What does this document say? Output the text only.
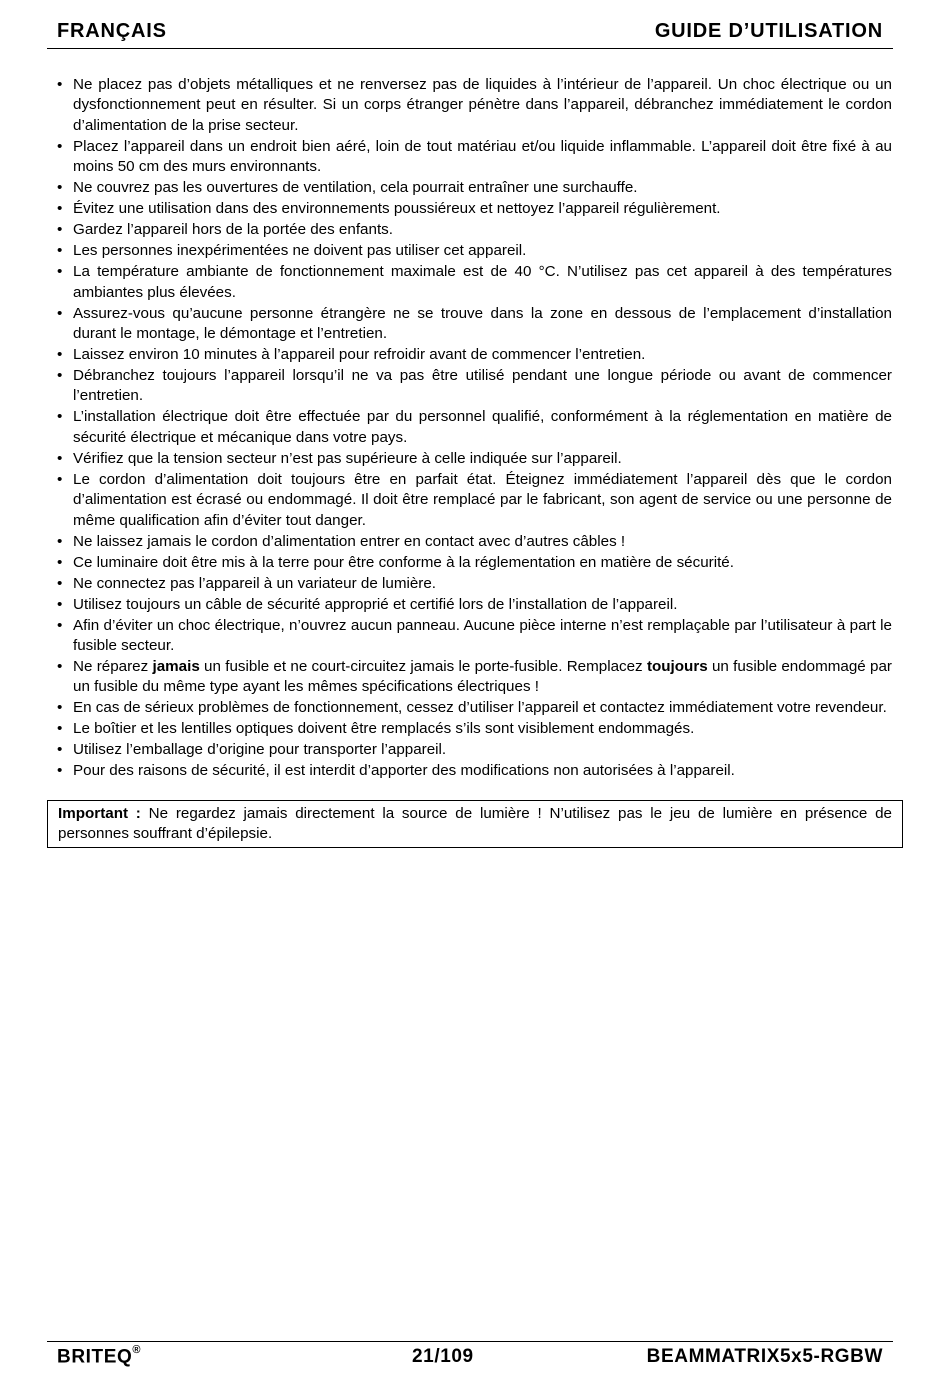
FRANÇAIS	GUIDE D’UTILISATION
• Ne placez pas d’objets métalliques et ne renversez pas de liquides à l’intérieur de l’appareil. Un choc électrique ou un dysfonctionnement peut en résulter. Si un corps étranger pénètre dans l’appareil, débranchez immédiatement le cordon d’alimentation de la prise secteur.
• Placez l’appareil dans un endroit bien aéré, loin de tout matériau et/ou liquide inflammable. L’appareil doit être fixé à au moins 50 cm des murs environnants.
• Ne couvrez pas les ouvertures de ventilation, cela pourrait entraîner une surchauffe.
• Évitez une utilisation dans des environnements poussiéreux et nettoyez l’appareil régulièrement.
• Gardez l’appareil hors de la portée des enfants.
• Les personnes inexpérimentées ne doivent pas utiliser cet appareil.
• La température ambiante de fonctionnement maximale est de 40 °C. N’utilisez pas cet appareil à des températures ambiantes plus élevées.
• Assurez-vous qu’aucune personne étrangère ne se trouve dans la zone en dessous de l’emplacement d’installation durant le montage, le démontage et l’entretien.
• Laissez environ 10 minutes à l’appareil pour refroidir avant de commencer l’entretien.
• Débranchez toujours l’appareil lorsqu’il ne va pas être utilisé pendant une longue période ou avant de commencer l’entretien.
• L’installation électrique doit être effectuée par du personnel qualifié, conformément à la réglementation en matière de sécurité électrique et mécanique dans votre pays.
• Vérifiez que la tension secteur n’est pas supérieure à celle indiquée sur l’appareil.
• Le cordon d’alimentation doit toujours être en parfait état. Éteignez immédiatement l’appareil dès que le cordon d’alimentation est écrasé ou endommagé. Il doit être remplacé par le fabricant, son agent de service ou une personne de même qualification afin d’éviter tout danger.
• Ne laissez jamais le cordon d’alimentation entrer en contact avec d’autres câbles !
• Ce luminaire doit être mis à la terre pour être conforme à la réglementation en matière de sécurité.
• Ne connectez pas l’appareil à un variateur de lumière.
• Utilisez toujours un câble de sécurité approprié et certifié lors de l’installation de l’appareil.
• Afin d’éviter un choc électrique, n’ouvrez aucun panneau. Aucune pièce interne n’est remplaçable par l’utilisateur à part le fusible secteur.
• Ne réparez jamais un fusible et ne court-circuitez jamais le porte-fusible. Remplacez toujours un fusible endommagé par un fusible du même type ayant les mêmes spécifications électriques !
• En cas de sérieux problèmes de fonctionnement, cessez d’utiliser l’appareil et contactez immédiatement votre revendeur.
• Le boîtier et les lentilles optiques doivent être remplacés s’ils sont visiblement endommagés.
• Utilisez l’emballage d’origine pour transporter l’appareil.
• Pour des raisons de sécurité, il est interdit d’apporter des modifications non autorisées à l’appareil.
Important : Ne regardez jamais directement la source de lumière ! N’utilisez pas le jeu de lumière en présence de personnes souffrant d’épilepsie.
BRITEQ®	21/109	BEAMMATRIX5x5-RGBW
